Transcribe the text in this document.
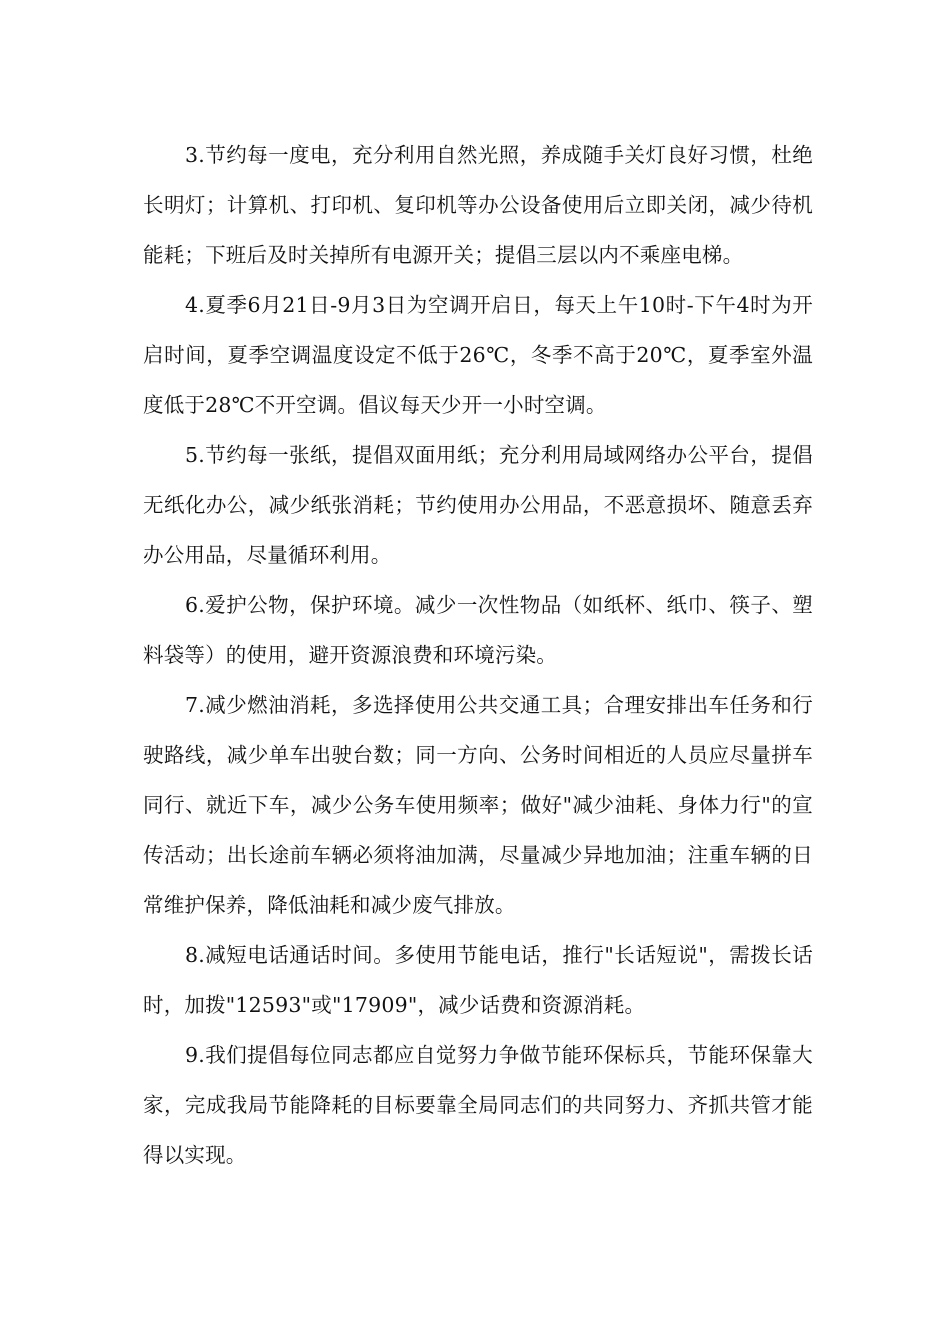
3.节约每一度电，充分利用自然光照，养成随手关灯良好习惯，杜绝长明灯；计算机、打印机、复印机等办公设备使用后立即关闭，减少待机能耗；下班后及时关掉所有电源开关；提倡三层以内不乘座电梯。

4.夏季6月21日-9月3日为空调开启日，每天上午10时-下午4时为开启时间，夏季空调温度设定不低于26℃，冬季不高于20℃，夏季室外温度低于28℃不开空调。倡议每天少开一小时空调。

5.节约每一张纸，提倡双面用纸；充分利用局域网络办公平台，提倡无纸化办公，减少纸张消耗；节约使用办公用品，不恶意损坏、随意丢弃办公用品，尽量循环利用。

6.爱护公物，保护环境。减少一次性物品（如纸杯、纸巾、筷子、塑料袋等）的使用，避开资源浪费和环境污染。

7.减少燃油消耗，多选择使用公共交通工具；合理安排出车任务和行驶路线，减少单车出驶台数；同一方向、公务时间相近的人员应尽量拼车同行、就近下车，减少公务车使用频率；做好"减少油耗、身体力行"的宣传活动；出长途前车辆必须将油加满，尽量减少异地加油；注重车辆的日常维护保养，降低油耗和减少废气排放。

8.减短电话通话时间。多使用节能电话，推行"长话短说"，需拨长话时，加拨"12593"或"17909"，减少话费和资源消耗。

9.我们提倡每位同志都应自觉努力争做节能环保标兵，节能环保靠大家，完成我局节能降耗的目标要靠全局同志们的共同努力、齐抓共管才能得以实现。
